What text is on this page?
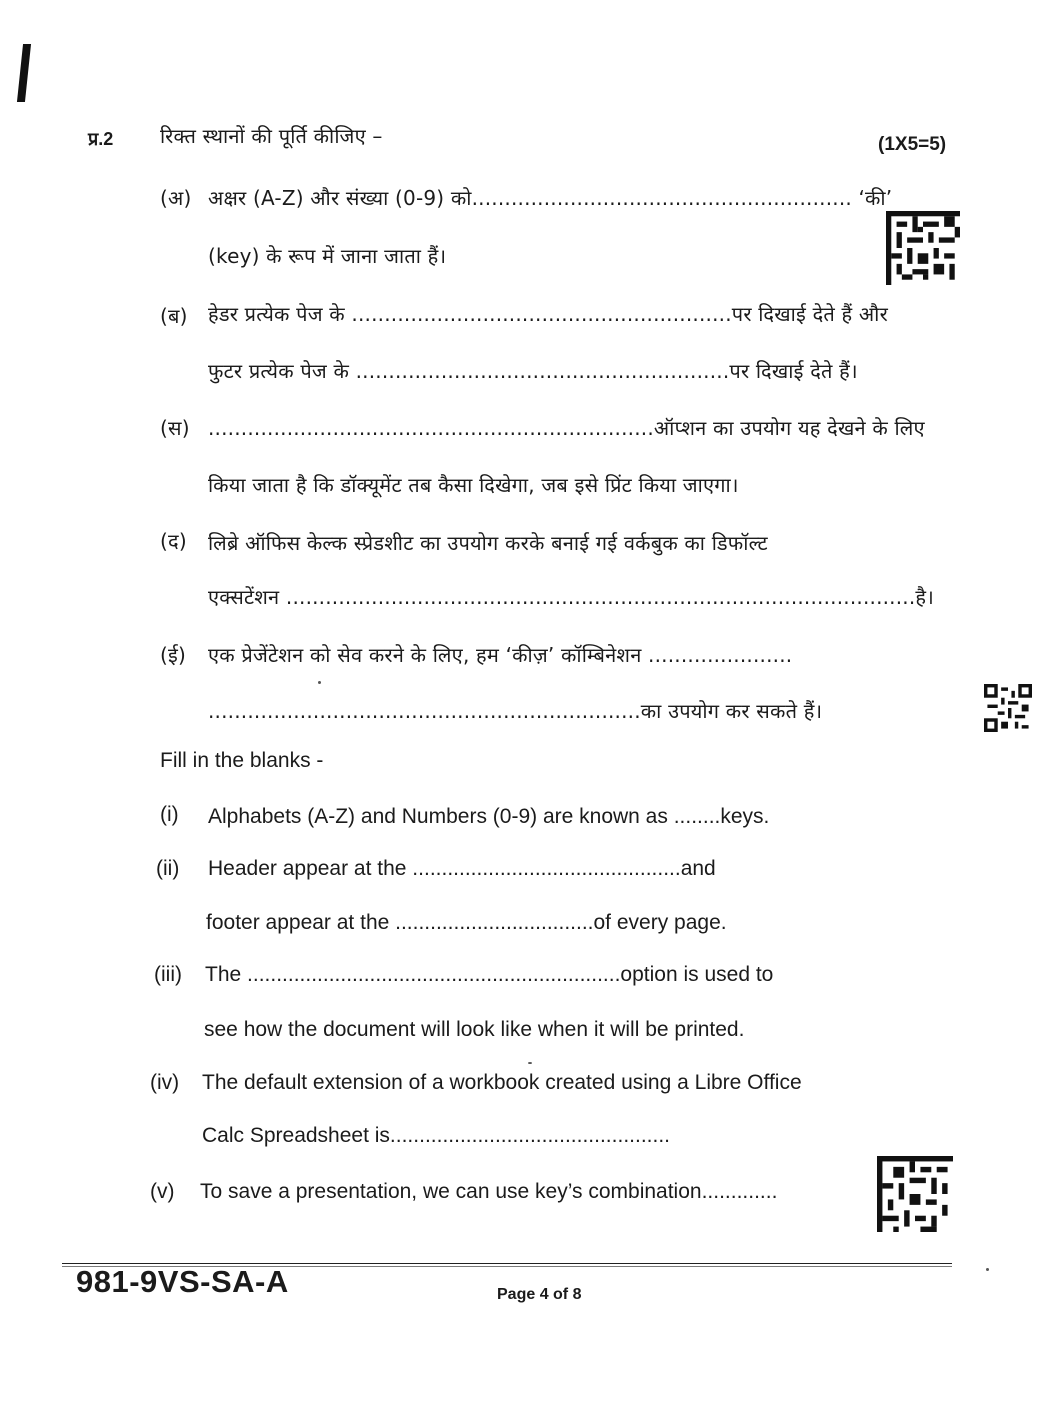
प्र.2 रिक्त स्थानों की पूर्ति कीजिए –	(1X5=5)
(अ) अक्षर (A-Z) और संख्या (0-9) को.......................................................... ‘की’
(key) के रूप में जाना जाता हैं।
(ब) हेडर प्रत्येक पेज के ..........................................................पर दिखाई देते हैं और
फुटर प्रत्येक पेज के .........................................................पर दिखाई देते हैं।
(स) ....................................................................ऑप्शन का उपयोग यह देखने के लिए
किया जाता है कि डॉक्यूमेंट तब कैसा दिखेगा, जब इसे प्रिंट किया जाएगा।
(द) लिब्रे ऑफिस केल्क स्प्रेडशीट का उपयोग करके बनाई गई वर्कबुक का डिफॉल्ट
एक्सटेंशन ................................................................................................है।
(ई) एक प्रेजेंटेशन को सेव करने के लिए, हम ‘कीज़’ कॉम्बिनेशन ......................
..................................................................का उपयोग कर सकते हैं।
Fill in the blanks -
(i) Alphabets (A-Z) and Numbers (0-9) are known as ........keys.
(ii) Header appear at the ..............................................and
footer appear at the ..................................of every page.
(iii) The ................................................................option is used to
see how the document will look like when it will be printed.
(iv) The default extension of a workbook created using a Libre Office
Calc Spreadsheet is................................................
(v) To save a presentation, we can use key’s combination.............
981-9VS-SA-A	Page 4 of 8
